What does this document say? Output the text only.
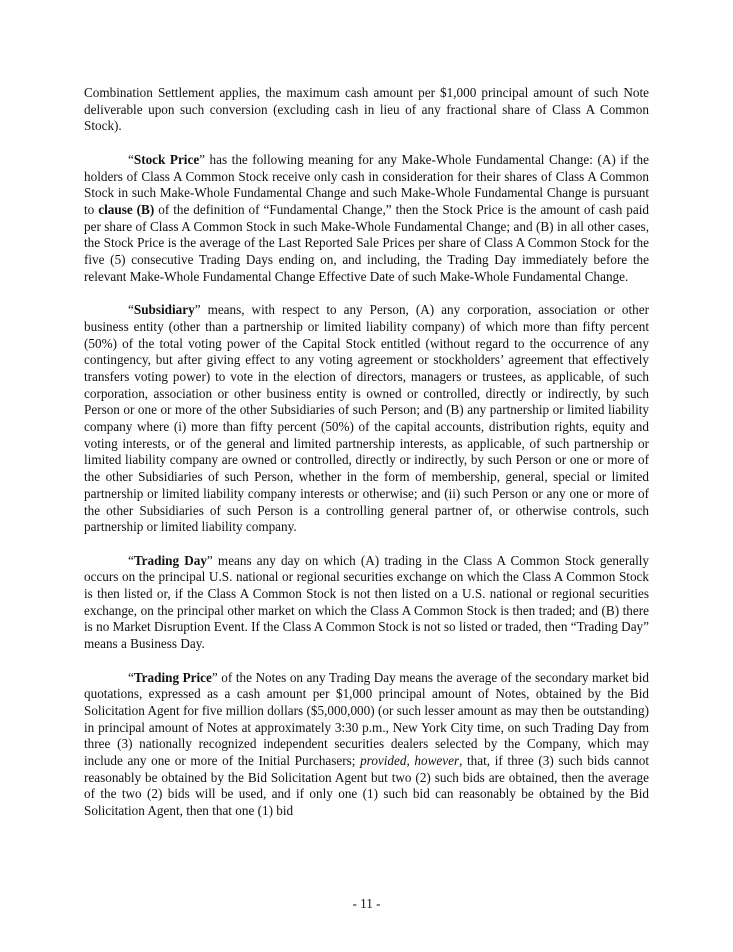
Combination Settlement applies, the maximum cash amount per $1,000 principal amount of such Note deliverable upon such conversion (excluding cash in lieu of any fractional share of Class A Common Stock).

“Stock Price” has the following meaning for any Make-Whole Fundamental Change: (A) if the holders of Class A Common Stock receive only cash in consideration for their shares of Class A Common Stock in such Make-Whole Fundamental Change and such Make-Whole Fundamental Change is pursuant to clause (B) of the definition of “Fundamental Change,” then the Stock Price is the amount of cash paid per share of Class A Common Stock in such Make-Whole Fundamental Change; and (B) in all other cases, the Stock Price is the average of the Last Reported Sale Prices per share of Class A Common Stock for the five (5) consecutive Trading Days ending on, and including, the Trading Day immediately before the relevant Make-Whole Fundamental Change Effective Date of such Make-Whole Fundamental Change.

“Subsidiary” means, with respect to any Person, (A) any corporation, association or other business entity (other than a partnership or limited liability company) of which more than fifty percent (50%) of the total voting power of the Capital Stock entitled (without regard to the occurrence of any contingency, but after giving effect to any voting agreement or stockholders’ agreement that effectively transfers voting power) to vote in the election of directors, managers or trustees, as applicable, of such corporation, association or other business entity is owned or controlled, directly or indirectly, by such Person or one or more of the other Subsidiaries of such Person; and (B) any partnership or limited liability company where (i) more than fifty percent (50%) of the capital accounts, distribution rights, equity and voting interests, or of the general and limited partnership interests, as applicable, of such partnership or limited liability company are owned or controlled, directly or indirectly, by such Person or one or more of the other Subsidiaries of such Person, whether in the form of membership, general, special or limited partnership or limited liability company interests or otherwise; and (ii) such Person or any one or more of the other Subsidiaries of such Person is a controlling general partner of, or otherwise controls, such partnership or limited liability company.

“Trading Day” means any day on which (A) trading in the Class A Common Stock generally occurs on the principal U.S. national or regional securities exchange on which the Class A Common Stock is then listed or, if the Class A Common Stock is not then listed on a U.S. national or regional securities exchange, on the principal other market on which the Class A Common Stock is then traded; and (B) there is no Market Disruption Event. If the Class A Common Stock is not so listed or traded, then “Trading Day” means a Business Day.

“Trading Price” of the Notes on any Trading Day means the average of the secondary market bid quotations, expressed as a cash amount per $1,000 principal amount of Notes, obtained by the Bid Solicitation Agent for five million dollars ($5,000,000) (or such lesser amount as may then be outstanding) in principal amount of Notes at approximately 3:30 p.m., New York City time, on such Trading Day from three (3) nationally recognized independent securities dealers selected by the Company, which may include any one or more of the Initial Purchasers; provided, however, that, if three (3) such bids cannot reasonably be obtained by the Bid Solicitation Agent but two (2) such bids are obtained, then the average of the two (2) bids will be used, and if only one (1) such bid can reasonably be obtained by the Bid Solicitation Agent, then that one (1) bid

- 11 -
